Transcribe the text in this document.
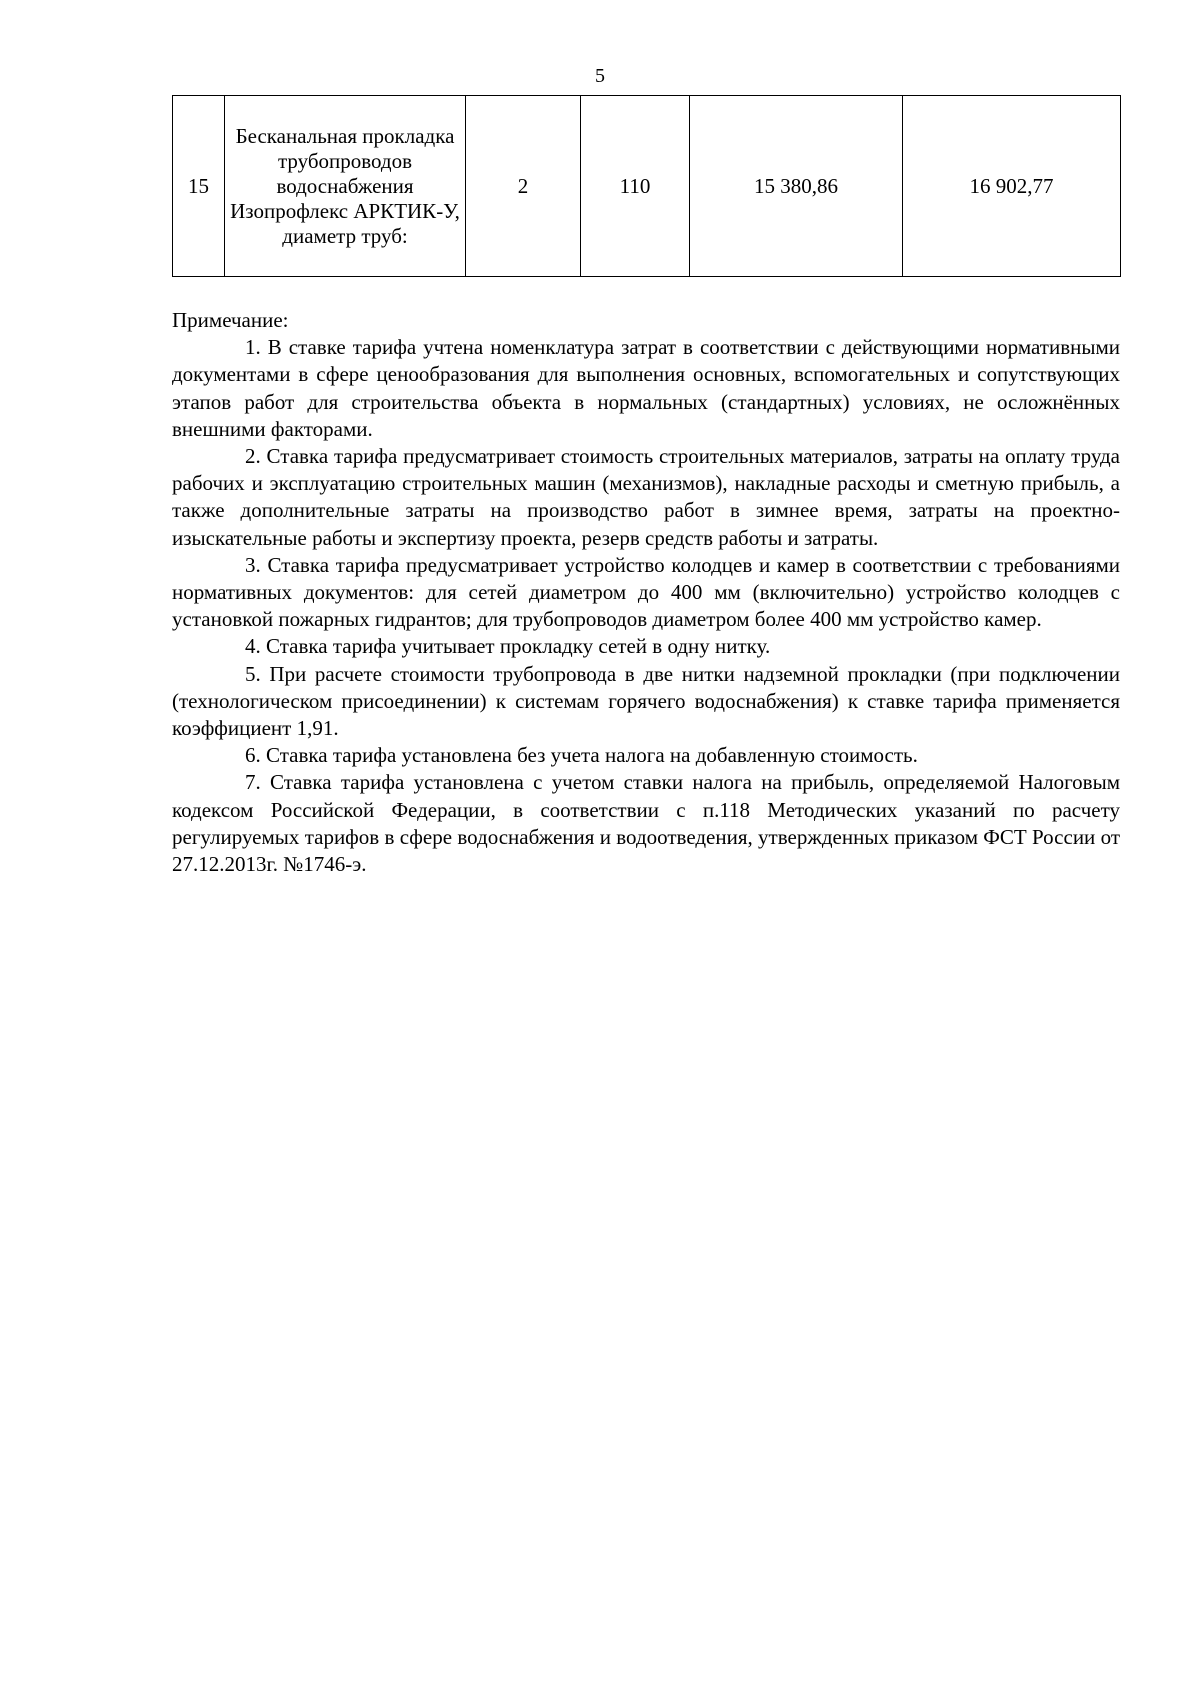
5
15	Бесканальная прокладка трубопроводов водоснабжения Изопрофлекс АРКТИК-У, диаметр труб:	2	110	15 380,86	16 902,77

Примечание:

1. В ставке тарифа учтена номенклатура затрат в соответствии с действующими нормативными документами в сфере ценообразования для выполнения основных, вспомогательных и сопутствующих этапов работ для строительства объекта в нормальных (стандартных) условиях, не осложнённых внешними факторами.

2. Ставка тарифа предусматривает стоимость строительных материалов, затраты на оплату труда рабочих и эксплуатацию строительных машин (механизмов), накладные расходы и сметную прибыль, а также дополнительные затраты на производство работ в зимнее время, затраты на проектно-изыскательные работы и экспертизу проекта, резерв средств работы и затраты.

3. Ставка тарифа предусматривает устройство колодцев и камер в соответствии с требованиями нормативных документов: для сетей диаметром до 400 мм (включительно) устройство колодцев с установкой пожарных гидрантов; для трубопроводов диаметром более 400 мм устройство камер.

4. Ставка тарифа учитывает прокладку сетей в одну нитку.

5. При расчете стоимости трубопровода в две нитки надземной прокладки (при подключении (технологическом присоединении) к системам горячего водоснабжения) к ставке тарифа применяется коэффициент 1,91.

6. Ставка тарифа установлена без учета налога на добавленную стоимость.

7. Ставка тарифа установлена с учетом ставки налога на прибыль, определяемой Налоговым кодексом Российской Федерации, в соответствии с п.118 Методических указаний по расчету регулируемых тарифов в сфере водоснабжения и водоотведения, утвержденных приказом ФСТ России от 27.12.2013г. №1746-э.
